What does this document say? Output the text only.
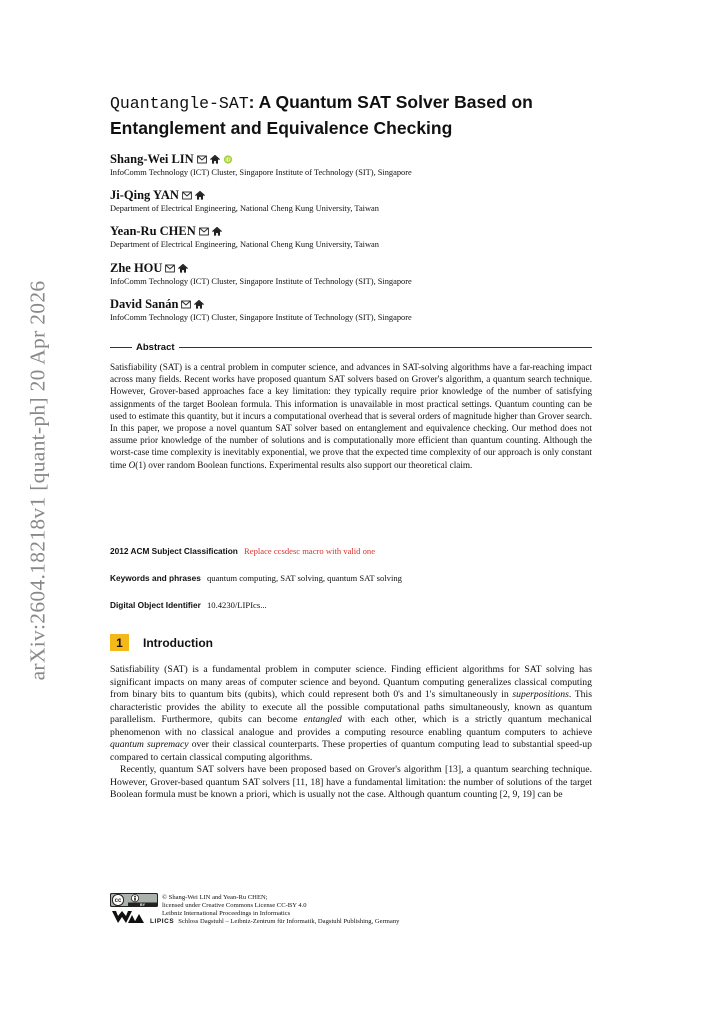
arXiv:2604.18218v1 [quant-ph] 20 Apr 2026
Quantangle-SAT: A Quantum SAT Solver Based on Entanglement and Equivalence Checking
Shang-Wei LIN	iD
InfoComm Technology (ICT) Cluster, Singapore Institute of Technology (SIT), Singapore
Ji-Qing YAN
Department of Electrical Engineering, National Cheng Kung University, Taiwan
Yean-Ru CHEN
Department of Electrical Engineering, National Cheng Kung University, Taiwan
Zhe HOU
InfoComm Technology (ICT) Cluster, Singapore Institute of Technology (SIT), Singapore
David Sanán
InfoComm Technology (ICT) Cluster, Singapore Institute of Technology (SIT), Singapore
Abstract

Satisfiability (SAT) is a central problem in computer science, and advances in SAT-solving algorithms have a far-reaching impact across many fields. Recent works have proposed quantum SAT solvers based on Grover's algorithm, a quantum search technique. However, Grover-based approaches face a key limitation: they typically require prior knowledge of the number of satisfying assignments of the target Boolean formula. This information is unavailable in most practical settings. Quantum counting can be used to estimate this quantity, but it incurs a computational overhead that is several orders of magnitude higher than Grover search. In this paper, we propose a novel quantum SAT solver based on entanglement and equivalence checking. Our method does not assume prior knowledge of the number of solutions and is computationally more efficient than quantum counting. Although the worst-case time complexity is inevitably exponential, we prove that the expected time complexity of our approach is only constant time O(1) over random Boolean functions. Experimental results also support our theoretical claim.

2012 ACM Subject Classification Replace ccsdesc macro with valid one
Keywords and phrases quantum computing, SAT solving, quantum SAT solving
Digital Object Identifier 10.4230/LIPIcs...
1	Introduction

Satisfiability (SAT) is a fundamental problem in computer science. Finding efficient algorithms for SAT solving has significant impacts on many areas of computer science and beyond. Quantum computing generalizes classical computing from binary bits to quantum bits (qubits), which could represent both 0's and 1's simultaneously in superpositions. This characteristic provides the ability to execute all the possible computational paths simultaneously, known as quantum parallelism. Furthermore, qubits can become entangled with each other, which is a strictly quantum mechanical phenomenon with no classical analogue and provides a computing resource enabling quantum computers to achieve quantum supremacy over their classical counterparts. These properties of quantum computing lead to substantial speed-up compared to certain classical computing algorithms.

Recently, quantum SAT solvers have been proposed based on Grover's algorithm [13], a quantum searching technique. However, Grover-based quantum SAT solvers [11, 18] have a fundamental limitation: the number of solutions of the target Boolean formula must be known a priori, which is usually not the case. Although quantum counting [2, 9, 19] can be

cc
BY
© Shang-Wei LIN and Yean-Ru CHEN;
licensed under Creative Commons License CC-BY 4.0
Leibniz International Proceedings in Informatics
LIPICS Schloss Dagstuhl – Leibniz-Zentrum für Informatik, Dagstuhl Publishing, Germany
